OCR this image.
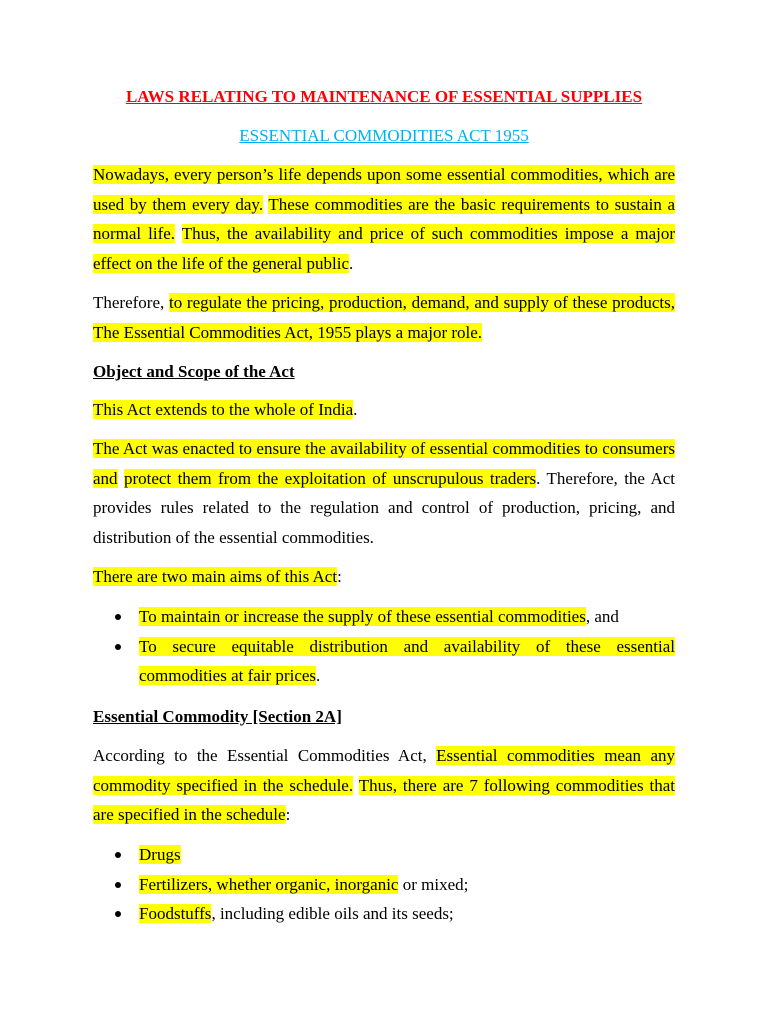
LAWS RELATING TO MAINTENANCE OF ESSENTIAL SUPPLIES
ESSENTIAL COMMODITIES ACT 1955
Nowadays, every person’s life depends upon some essential commodities, which are used by them every day. These commodities are the basic requirements to sustain a normal life. Thus, the availability and price of such commodities impose a major effect on the life of the general public.
Therefore, to regulate the pricing, production, demand, and supply of these products, The Essential Commodities Act, 1955 plays a major role.
Object and Scope of the Act
This Act extends to the whole of India.
The Act was enacted to ensure the availability of essential commodities to consumers and protect them from the exploitation of unscrupulous traders. Therefore, the Act provides rules related to the regulation and control of production, pricing, and distribution of the essential commodities.
There are two main aims of this Act:
To maintain or increase the supply of these essential commodities, and
To secure equitable distribution and availability of these essential commodities at fair prices.
Essential Commodity [Section 2A]
According to the Essential Commodities Act, Essential commodities mean any commodity specified in the schedule. Thus, there are 7 following commodities that are specified in the schedule:
Drugs
Fertilizers, whether organic, inorganic or mixed;
Foodstuffs, including edible oils and its seeds;
